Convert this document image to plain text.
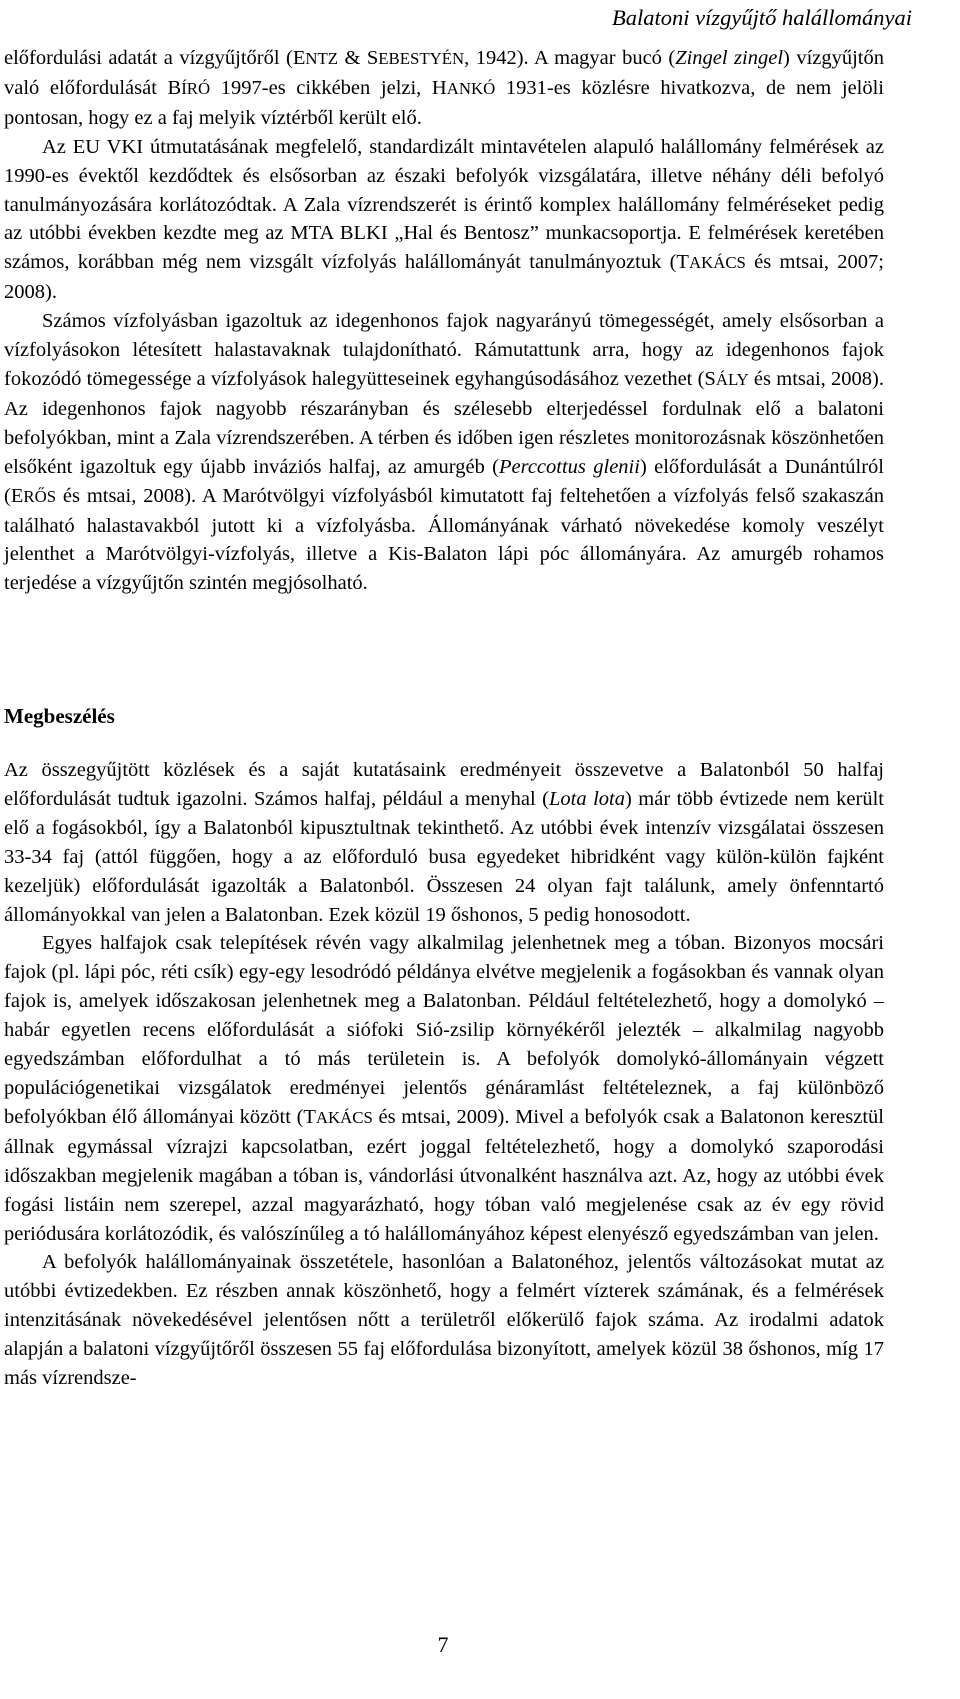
Balatoni vízgyűjtő halállományai

előfordulási adatát a vízgyűjtőről (ENTZ & SEBESTYÉN, 1942). A magyar bucó (Zingel zingel) vízgyűjtőn való előfordulását BÍRÓ 1997-es cikkében jelzi, HANKÓ 1931-es közlésre hivatkozva, de nem jelöli pontosan, hogy ez a faj melyik víztérből került elő.

Az EU VKI útmutatásának megfelelő, standardizált mintavételen alapuló halállomány felmérések az 1990-es évektől kezdődtek és elsősorban az északi befolyók vizsgálatára, illetve néhány déli befolyó tanulmányozására korlátozódtak. A Zala vízrendszerét is érintő komplex halállomány felméréseket pedig az utóbbi években kezdte meg az MTA BLKI „Hal és Bentosz” munkacsoportja. E felmérések keretében számos, korábban még nem vizsgált vízfolyás halállományát tanulmányoztuk (TAKÁCS és mtsai, 2007; 2008).

Számos vízfolyásban igazoltuk az idegenhonos fajok nagyarányú tömegességét, amely elsősorban a vízfolyásokon létesített halastavaknak tulajdonítható. Rámutattunk arra, hogy az idegenhonos fajok fokozódó tömegessége a vízfolyások halegyütteseinek egyhangúsodásához vezethet (SÁLY és mtsai, 2008). Az idegenhonos fajok nagyobb részarányban és szélesebb elterjedéssel fordulnak elő a balatoni befolyókban, mint a Zala vízrendszerében. A térben és időben igen részletes monitorozásnak köszönhetően elsőként igazoltuk egy újabb inváziós halfaj, az amurgéb (Perccottus glenii) előfordulását a Dunántúlról (ERŐS és mtsai, 2008). A Marótvölgyi vízfolyásból kimutatott faj feltehetően a vízfolyás felső szakaszán található halastavakból jutott ki a vízfolyásba. Állományának várható növekedése komoly veszélyt jelenthet a Marótvölgyi-vízfolyás, illetve a Kis-Balaton lápi póc állományára. Az amurgéb rohamos terjedése a vízgyűjtőn szintén megjósolható.

Megbeszélés

Az összegyűjtött közlések és a saját kutatásaink eredményeit összevetve a Balatonból 50 halfaj előfordulását tudtuk igazolni. Számos halfaj, például a menyhal (Lota lota) már több évtizede nem került elő a fogásokból, így a Balatonból kipusztultnak tekinthető. Az utóbbi évek intenzív vizsgálatai összesen 33-34 faj (attól függően, hogy a az előforduló busa egyedeket hibridként vagy külön-külön fajként kezeljük) előfordulását igazolták a Balatonból. Összesen 24 olyan fajt találunk, amely önfenntartó állományokkal van jelen a Balatonban. Ezek közül 19 őshonos, 5 pedig honosodott.

Egyes halfajok csak telepítések révén vagy alkalmilag jelenhetnek meg a tóban. Bizonyos mocsári fajok (pl. lápi póc, réti csík) egy-egy lesodródó példánya elvétve megjelenik a fogásokban és vannak olyan fajok is, amelyek időszakosan jelenhetnek meg a Balatonban. Például feltételezhető, hogy a domolykó – habár egyetlen recens előfordulását a siófoki Sió-zsilip környékéről jelezték – alkalmilag nagyobb egyedszámban előfordulhat a tó más területein is. A befolyók domolykó-állományain végzett populációgenetikai vizsgálatok eredményei jelentős génáramlást feltételeznek, a faj különböző befolyókban élő állományai között (TAKÁCS és mtsai, 2009). Mivel a befolyók csak a Balatonon keresztül állnak egymással vízrajzi kapcsolatban, ezért joggal feltételezhető, hogy a domolykó szaporodási időszakban megjelenik magában a tóban is, vándorlási útvonalként használva azt. Az, hogy az utóbbi évek fogási listáin nem szerepel, azzal magyarázható, hogy tóban való megjelenése csak az év egy rövid periódusára korlátozódik, és valószínűleg a tó halállományához képest elenyésző egyedszámban van jelen.

A befolyók halállományainak összetétele, hasonlóan a Balatonéhoz, jelentős változásokat mutat az utóbbi évtizedekben. Ez részben annak köszönhető, hogy a felmért vízterek számának, és a felmérések intenzitásának növekedésével jelentősen nőtt a területről előkerülő fajok száma. Az irodalmi adatok alapján a balatoni vízgyűjtőről összesen 55 faj előfordulása bizonyított, amelyek közül 38 őshonos, míg 17 más vízrendsze-

7
